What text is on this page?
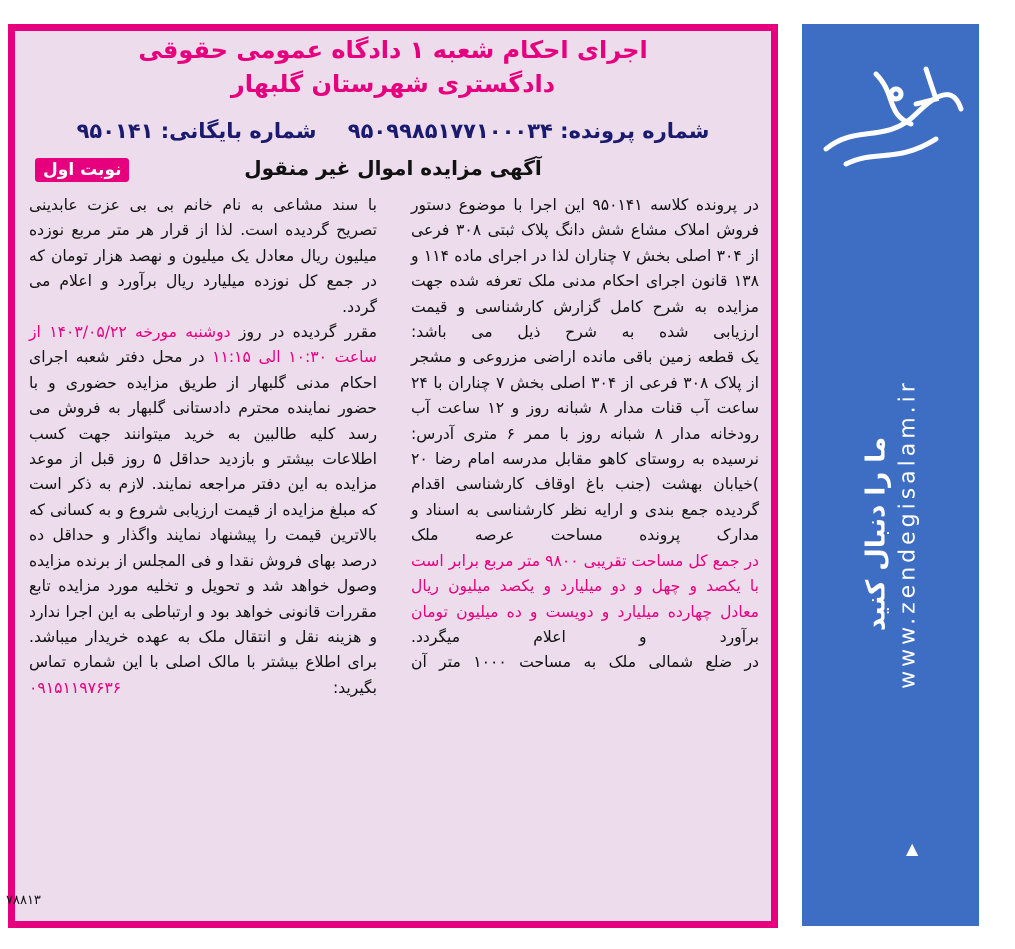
اجرای احکام شعبه ۱ دادگاه عمومی حقوقی
دادگستری شهرستان گلبهار
شماره پرونده: ۹۵۰۹۹۸۵۱۷۷۱۰۰۰۳۴ شماره بایگانی: ۹۵۰۱۴۱
آگهی مزایده اموال غیر منقول
نوبت اول

در پرونده کلاسه ۹۵۰۱۴۱ این اجرا با موضوع دستور فروش املاک مشاع شش دانگ پلاک ثبتی ۳۰۸ فرعی از ۳۰۴ اصلی بخش ۷ چناران لذا در اجرای ماده ۱۱۴ و ۱۳۸ قانون اجرای احکام مدنی ملک تعرفه شده جهت مزایده به شرح کامل گزارش کارشناسی و قیمت ارزیابی شده به شرح ذیل می باشد:

یک قطعه زمین باقی مانده اراضی مزروعی و مشجر از پلاک ۳۰۸ فرعی از ۳۰۴ اصلی بخش ۷ چناران با ۲۴ ساعت آب قنات مدار ۸ شبانه روز و ۱۲ ساعت آب رودخانه مدار ۸ شبانه روز با ممر ۶ متری آدرس: نرسیده به روستای کاهو مقابل مدرسه امام رضا ۲۰ )خیابان بهشت (جنب باغ اوقاف کارشناسی اقدام گردیده جمع بندی و ارایه نظر کارشناسی به اسناد و مدارک پرونده مساحت عرصه ملک

در جمع کل مساحت تقریبی ۹۸۰۰ متر مربع برابر است با یکصد و چهل و دو میلیارد و یکصد میلیون ریال معادل چهارده میلیارد و دویست و ده میلیون تومان برآورد و اعلام میگردد.

در ضلع شمالی ملک به مساحت ۱۰۰۰ متر آن

با سند مشاعی به نام خانم بی بی عزت عابدینی تصریح گردیده است. لذا از قرار هر متر مربع نوزده میلیون ریال معادل یک میلیون و نهصد هزار تومان که در جمع کل نوزده میلیارد ریال برآورد و اعلام می گردد.

مقرر گردیده در روز دوشنبه مورخه ۱۴۰۳/۰۵/۲۲ از ساعت ۱۰:۳۰ الی ۱۱:۱۵ در محل دفتر شعبه اجرای احکام مدنی گلبهار از طریق مزایده حضوری و با حضور نماینده محترم دادستانی گلبهار به فروش می رسد کلیه طالبین به خرید میتوانند جهت کسب اطلاعات بیشتر و بازدید حداقل ۵ روز قبل از موعد مزایده به این دفتر مراجعه نمایند. لازم به ذکر است که مبلغ مزایده از قیمت ارزیابی شروع و به کسانی که بالاترین قیمت را پیشنهاد نمایند واگذار و حداقل ده درصد بهای فروش نقدا و فی المجلس از برنده مزایده وصول خواهد شد و تحویل و تخلیه مورد مزایده تابع مقررات قانونی خواهد بود و ارتباطی به این اجرا ندارد و هزینه نقل و انتقال ملک به عهده خریدار میباشد.

برای اطلاع بیشتر با مالک اصلی با این شماره تماس بگیرید: ۰۹۱۵۱۱۹۷۶۳۶

۷۸۸۱۳
ما را دنبال کنید www.zendegisalam.ir
▲
